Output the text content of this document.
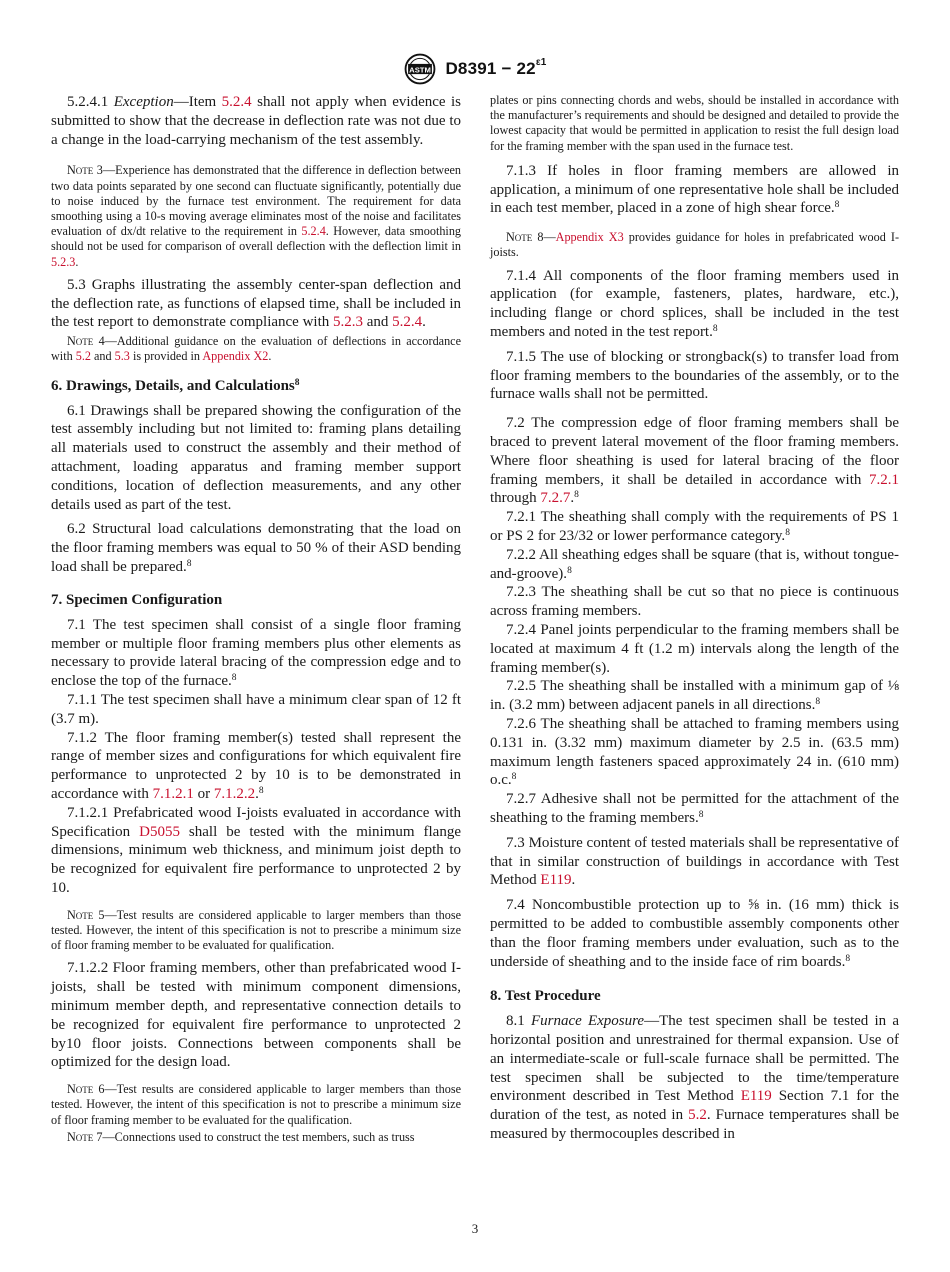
ASTM $D8391 - 22^{\varepsilon 1}$

5.2.4.1 Exception—Item 5.2.4 shall not apply when evidence is submitted to show that the decrease in deflection rate was not due to a change in the load-carrying mechanism of the test assembly.

Note 3—Experience has demonstrated that the difference in deflection between two data points separated by one second can fluctuate significantly, potentially due to noise induced by the furnace test environment. The requirement for data smoothing using a 10-s moving average eliminates most of the noise and facilitates evaluation of dx/dt relative to the requirement in 5.2.4. However, data smoothing should not be used for comparison of overall deflection with the deflection limit in 5.2.3.

5.3 Graphs illustrating the assembly center-span deflection and the deflection rate, as functions of elapsed time, shall be included in the test report to demonstrate compliance with 5.2.3 and 5.2.4.

Note 4—Additional guidance on the evaluation of deflections in accordance with 5.2 and 5.3 is provided in Appendix X2.

6. Drawings, Details, and Calculations$^8$

6.1 Drawings shall be prepared showing the configuration of the test assembly including but not limited to: framing plans detailing all materials used to construct the assembly and their method of attachment, loading apparatus and framing member support conditions, location of deflection measurements, and any other details used as part of the test.

6.2 Structural load calculations demonstrating that the load on the floor framing members was equal to 50 % of their ASD bending load shall be prepared.$^8$

7. Specimen Configuration

7.1 The test specimen shall consist of a single floor framing member or multiple floor framing members plus other elements as necessary to provide lateral bracing of the compression edge and to enclose the top of the furnace.$^8$

7.1.1 The test specimen shall have a minimum clear span of 12 ft (3.7 m).

7.1.2 The floor framing member(s) tested shall represent the range of member sizes and configurations for which equivalent fire performance to unprotected 2 by 10 is to be demonstrated in accordance with 7.1.2.1 or 7.1.2.2.$^8$

7.1.2.1 Prefabricated wood I-joists evaluated in accordance with Specification D5055 shall be tested with the minimum flange dimensions, minimum web thickness, and minimum joist depth to be recognized for equivalent fire performance to unprotected 2 by 10.

Note 5—Test results are considered applicable to larger members than those tested. However, the intent of this specification is not to prescribe a minimum size of floor framing member to be evaluated for qualification.

7.1.2.2 Floor framing members, other than prefabricated wood I-joists, shall be tested with minimum component dimensions, minimum member depth, and representative connection details to be recognized for equivalent fire performance to unprotected 2 by10 floor joists. Connections between components shall be optimized for the design load.

Note 6—Test results are considered applicable to larger members than those tested. However, the intent of this specification is not to prescribe a minimum size of floor framing member to be evaluated for the qualification.

Note 7—Connections used to construct the test members, such as truss

plates or pins connecting chords and webs, should be installed in accordance with the manufacturer’s requirements and should be designed and detailed to provide the lowest capacity that would be permitted in application to resist the full design load for the framing member with the span used in the furnace test.

7.1.3 If holes in floor framing members are allowed in application, a minimum of one representative hole shall be included in each test member, placed in a zone of high shear force.$^8$

Note 8—Appendix X3 provides guidance for holes in prefabricated wood I-joists.

7.1.4 All components of the floor framing members used in application (for example, fasteners, plates, hardware, etc.), including flange or chord splices, shall be included in the test members and noted in the test report.$^8$

7.1.5 The use of blocking or strongback(s) to transfer load from floor framing members to the boundaries of the assembly, or to the furnace walls shall not be permitted.

7.2 The compression edge of floor framing members shall be braced to prevent lateral movement of the floor framing members. Where floor sheathing is used for lateral bracing of the floor framing members, it shall be detailed in accordance with 7.2.1 through 7.2.7.$^8$

7.2.1 The sheathing shall comply with the requirements of PS 1 or PS 2 for 23/32 or lower performance category.$^8$

7.2.2 All sheathing edges shall be square (that is, without tongue-and-groove).$^8$

7.2.3 The sheathing shall be cut so that no piece is continuous across framing members.

7.2.4 Panel joints perpendicular to the framing members shall be located at maximum 4 ft (1.2 m) intervals along the length of the framing member(s).

7.2.5 The sheathing shall be installed with a minimum gap of ⅛ in. (3.2 mm) between adjacent panels in all directions.$^8$

7.2.6 The sheathing shall be attached to framing members using 0.131 in. (3.32 mm) maximum diameter by 2.5 in. (63.5 mm) maximum length fasteners spaced approximately 24 in. (610 mm) o.c.$^8$

7.2.7 Adhesive shall not be permitted for the attachment of the sheathing to the framing members.$^8$

7.3 Moisture content of tested materials shall be representative of that in similar construction of buildings in accordance with Test Method E119.

7.4 Noncombustible protection up to ⅝ in. (16 mm) thick is permitted to be added to combustible assembly components other than the floor framing members under evaluation, such as to the underside of sheathing and to the inside face of rim boards.$^8$

8. Test Procedure

8.1 Furnace Exposure—The test specimen shall be tested in a horizontal position and unrestrained for thermal expansion. Use of an intermediate-scale or full-scale furnace shall be permitted. The test specimen shall be subjected to the time/temperature environment described in Test Method E119 Section 7.1 for the duration of the test, as noted in 5.2. Furnace temperatures shall be measured by thermocouples described in

3
